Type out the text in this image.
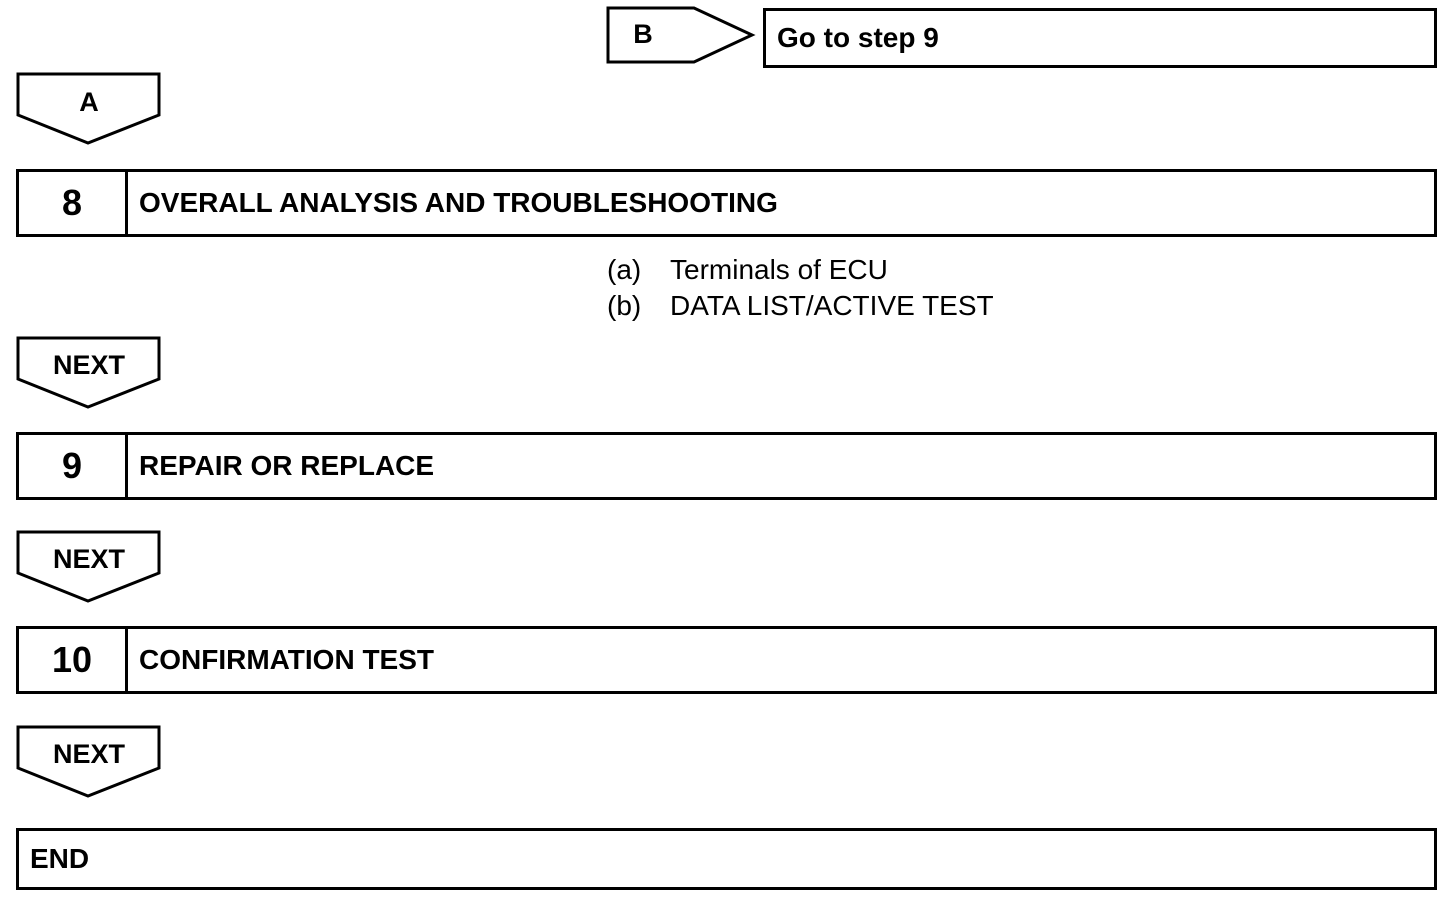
B	Go to step 9
A
8	OVERALL ANALYSIS AND TROUBLESHOOTING
(a)	Terminals of ECU
(b)	DATA LIST/ACTIVE TEST
NEXT
9	REPAIR OR REPLACE
NEXT
10	CONFIRMATION TEST
NEXT
END
